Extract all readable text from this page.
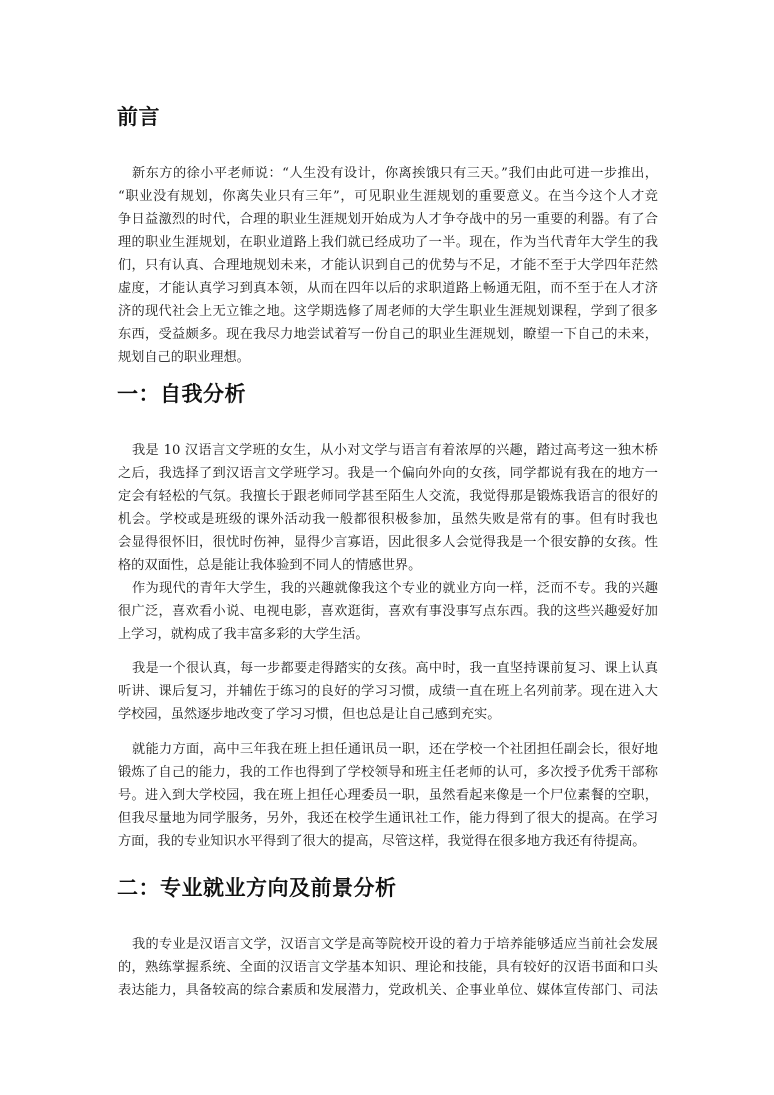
前言
新东方的徐小平老师说：“人生没有设计，你离挨饿只有三天。”我们由此可进一步推出，
“职业没有规划，你离失业只有三年”，可见职业生涯规划的重要意义。在当今这个人才竞
争日益激烈的时代，合理的职业生涯规划开始成为人才争夺战中的另一重要的利器。有了合
理的职业生涯规划，在职业道路上我们就已经成功了一半。现在，作为当代青年大学生的我
们，只有认真、合理地规划未来，才能认识到自己的优势与不足，才能不至于大学四年茫然
虚度，才能认真学习到真本领，从而在四年以后的求职道路上畅通无阻，而不至于在人才济
济的现代社会上无立锥之地。这学期选修了周老师的大学生职业生涯规划课程，学到了很多
东西，受益颇多。现在我尽力地尝试着写一份自己的职业生涯规划，瞭望一下自己的未来，
规划自己的职业理想。
一：自我分析
我是 10 汉语言文学班的女生，从小对文学与语言有着浓厚的兴趣，踏过高考这一独木桥
之后，我选择了到汉语言文学班学习。我是一个偏向外向的女孩，同学都说有我在的地方一
定会有轻松的气氛。我擅长于跟老师同学甚至陌生人交流，我觉得那是锻炼我语言的很好的
机会。学校或是班级的课外活动我一般都很积极参加，虽然失败是常有的事。但有时我也
会显得很怀旧，很忧时伤神，显得少言寡语，因此很多人会觉得我是一个很安静的女孩。性
格的双面性，总是能让我体验到不同人的情感世界。
作为现代的青年大学生，我的兴趣就像我这个专业的就业方向一样，泛而不专。我的兴趣
很广泛，喜欢看小说、电视电影，喜欢逛街，喜欢有事没事写点东西。我的这些兴趣爱好加
上学习，就构成了我丰富多彩的大学生活。
我是一个很认真，每一步都要走得踏实的女孩。高中时，我一直坚持课前复习、课上认真
听讲、课后复习，并辅佐于练习的良好的学习习惯，成绩一直在班上名列前茅。现在进入大
学校园，虽然逐步地改变了学习习惯，但也总是让自己感到充实。
就能力方面，高中三年我在班上担任通讯员一职，还在学校一个社团担任副会长，很好地
锻炼了自己的能力，我的工作也得到了学校领导和班主任老师的认可，多次授予优秀干部称
号。进入到大学校园，我在班上担任心理委员一职，虽然看起来像是一个尸位素餐的空职，
但我尽量地为同学服务，另外，我还在校学生通讯社工作，能力得到了很大的提高。在学习
方面，我的专业知识水平得到了很大的提高，尽管这样，我觉得在很多地方我还有待提高。
二：专业就业方向及前景分析
我的专业是汉语言文学，汉语言文学是高等院校开设的着力于培养能够适应当前社会发展
的，熟练掌握系统、全面的汉语言文学基本知识、理论和技能，具有较好的汉语书面和口头
表达能力，具备较高的综合素质和发展潜力，党政机关、企事业单位、媒体宣传部门、司法
